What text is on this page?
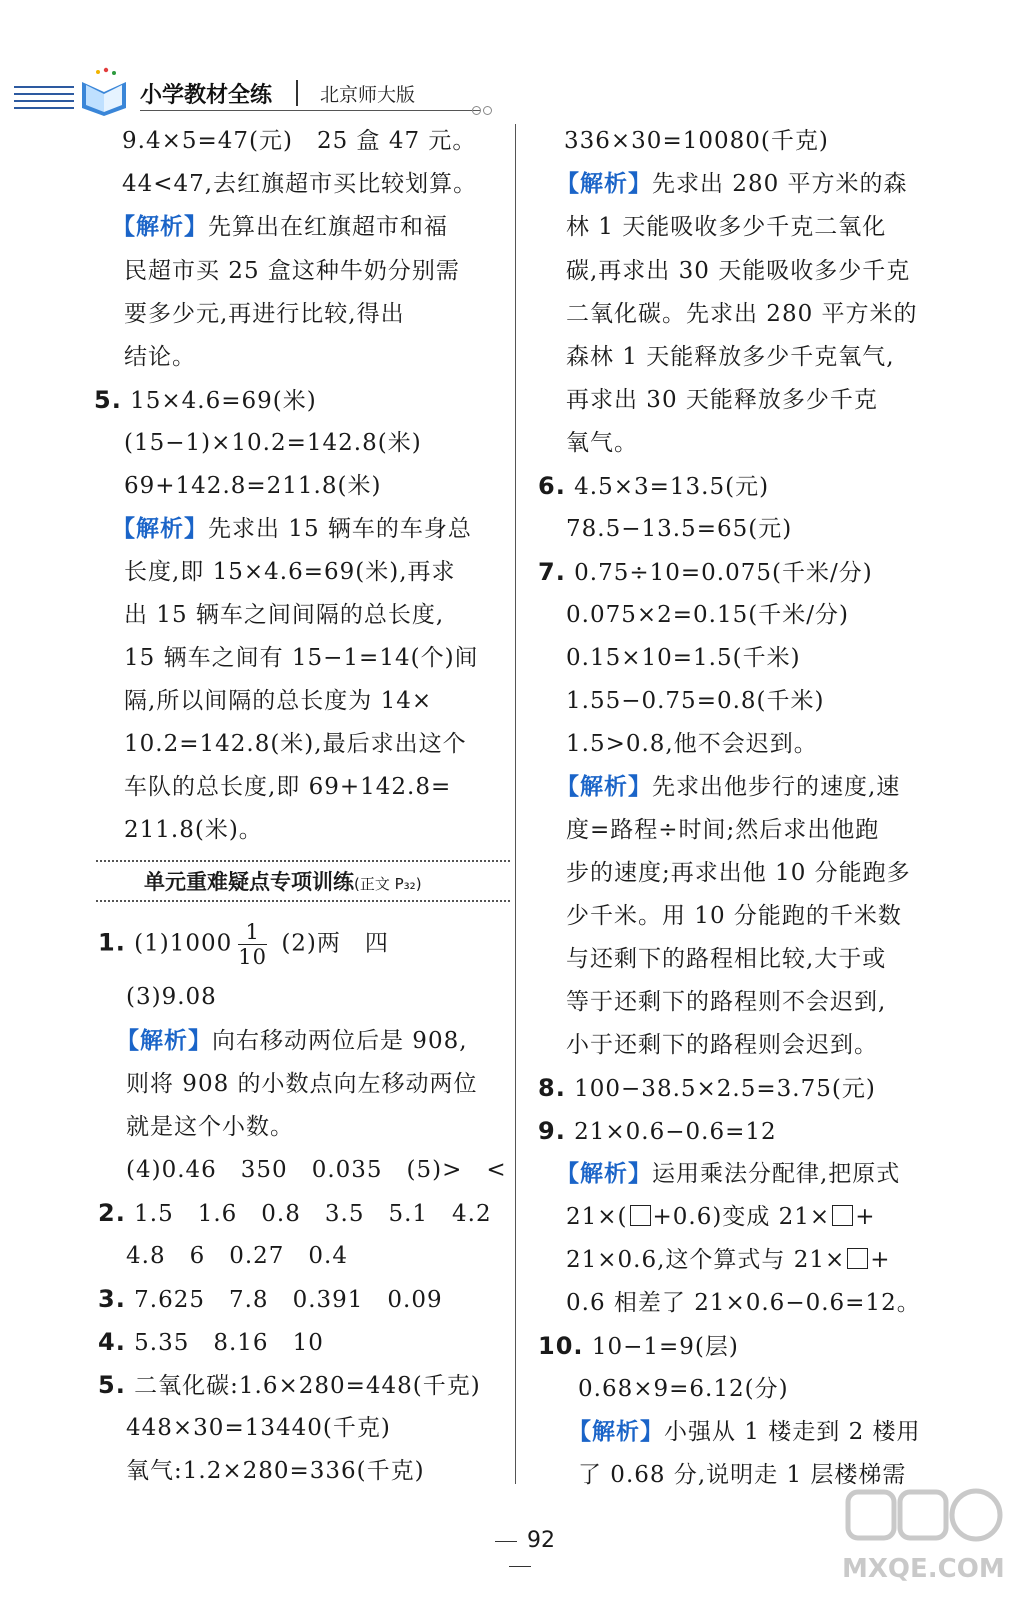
小学教材全练	北京师大版
9.4×5=47(元)　25 盒 47 元。
44<47,去红旗超市买比较划算。
【解析】先算出在红旗超市和福
民超市买 25 盒这种牛奶分别需
要多少元,再进行比较,得出
结论。
5. 15×4.6=69(米)
(15−1)×10.2=142.8(米)
69+142.8=211.8(米)
【解析】先求出 15 辆车的车身总
长度,即 15×4.6=69(米),再求
出 15 辆车之间间隔的总长度,
15 辆车之间有 15−1=14(个)间
隔,所以间隔的总长度为 14×
10.2=142.8(米),最后求出这个
车队的总长度,即 69+142.8=
211.8(米)。
单元重难疑点专项训练(正文 P₃₂)
1. $(1)1000 \frac{1}{10} (2)$两　四
(3)9.08
【解析】向右移动两位后是 908,
则将 908 的小数点向左移动两位
就是这个小数。
(4)0.46　350　0.035　(5)>　<
2. 1.5　1.6　0.8　3.5　5.1　4.2
4.8　6　0.27　0.4
3. 7.625　7.8　0.391　0.09
4. 5.35　8.16　10
5. 二氧化碳:1.6×280=448(千克)
448×30=13440(千克)
氧气:1.2×280=336(千克)
336×30=10080(千克)
【解析】先求出 280 平方米的森
林 1 天能吸收多少千克二氧化
碳,再求出 30 天能吸收多少千克
二氧化碳。先求出 280 平方米的
森林 1 天能释放多少千克氧气,
再求出 30 天能释放多少千克
氧气。
6. 4.5×3=13.5(元)
78.5−13.5=65(元)
7. 0.75÷10=0.075(千米/分)
0.075×2=0.15(千米/分)
0.15×10=1.5(千米)
1.55−0.75=0.8(千米)
1.5>0.8,他不会迟到。
【解析】先求出他步行的速度,速
度=路程÷时间;然后求出他跑
步的速度;再求出他 10 分能跑多
少千米。用 10 分能跑的千米数
与还剩下的路程相比较,大于或
等于还剩下的路程则不会迟到,
小于还剩下的路程则会迟到。
8. 100−38.5×2.5=3.75(元)
9. 21×0.6−0.6=12
【解析】运用乘法分配律,把原式
21×( +0.6)变成 21× +
21×0.6,这个算式与 21× +
0.6 相差了 21×0.6−0.6=12。
10. 10−1=9(层)
0.68×9=6.12(分)
【解析】小强从 1 楼走到 2 楼用
了 0.68 分,说明走 1 层楼梯需
92
MXQE.COM
